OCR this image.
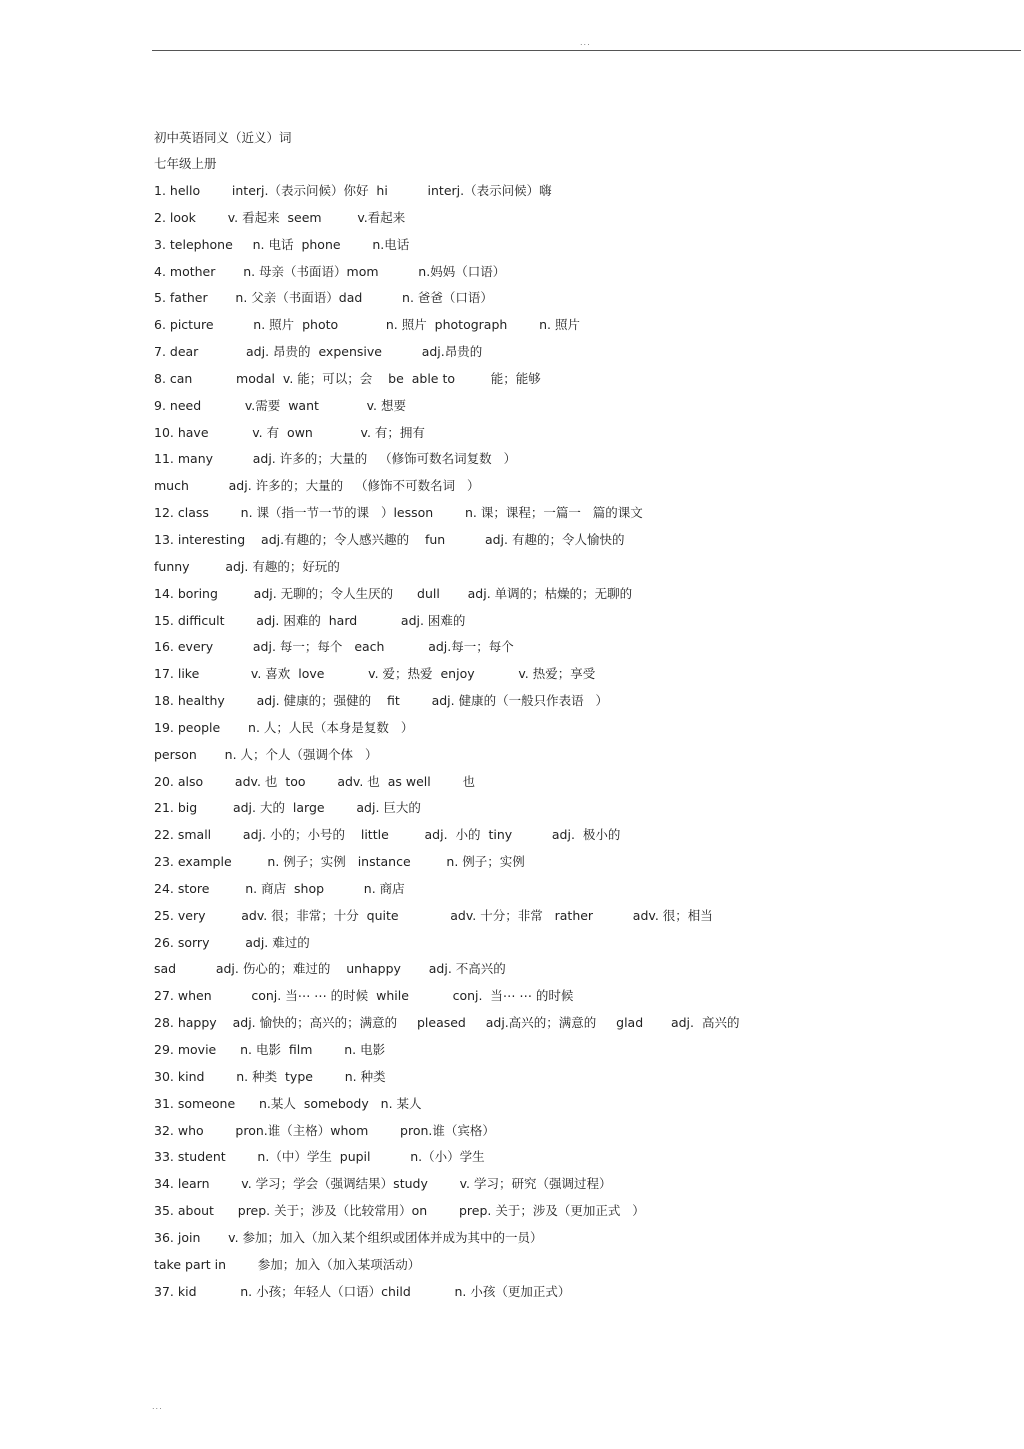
...
初中英语同义（近义）词
七年级上册
1. hello        interj.（表示问候）你好  hi          interj.（表示问候）嗨
2. look        v. 看起来  seem         v.看起来
3. telephone     n. 电话  phone        n.电话
4. mother       n. 母亲（书面语）mom          n.妈妈（口语）
5. father       n. 父亲（书面语）dad          n. 爸爸（口语）
6. picture          n. 照片  photo            n. 照片  photograph        n. 照片
7. dear            adj. 昂贵的  expensive          adj.昂贵的
8. can           modal  v. 能；可以；会    be  able to         能；能够
9. need           v.需要  want            v. 想要
10. have           v. 有  own            v. 有；拥有
11. many          adj. 许多的；大量的   （修饰可数名词复数   ）
much          adj. 许多的；大量的   （修饰不可数名词   ）
12. class        n. 课（指一节一节的课   ）lesson        n. 课；课程；一篇一   篇的课文
13. interesting    adj.有趣的；令人感兴趣的    fun          adj. 有趣的；令人愉快的
funny         adj. 有趣的；好玩的
14. boring         adj. 无聊的；令人生厌的      dull       adj. 单调的；枯燥的；无聊的
15. difficult        adj. 困难的  hard           adj. 困难的
16. every          adj. 每一；每个   each           adj.每一；每个
17. like             v. 喜欢  love           v. 爱；热爱  enjoy           v. 热爱；享受
18. healthy        adj. 健康的；强健的    fit        adj. 健康的（一般只作表语   ）
19. people       n. 人；人民（本身是复数   ）
person       n. 人；个人（强调个体   ）
20. also        adv. 也  too        adv. 也  as well        也
21. big         adj. 大的  large        adj. 巨大的
22. small        adj. 小的；小号的    little         adj.  小的  tiny          adj.  极小的
23. example         n. 例子；实例   instance         n. 例子；实例
24. store         n. 商店  shop          n. 商店
25. very         adv. 很；非常；十分  quite             adv. 十分；非常   rather          adv. 很；相当
26. sorry         adj. 难过的
sad          adj. 伤心的；难过的    unhappy       adj. 不高兴的
27. when          conj. 当⋯ ⋯ 的时候  while           conj.  当⋯ ⋯ 的时候
28. happy    adj. 愉快的；高兴的；满意的     pleased     adj.高兴的；满意的     glad       adj.  高兴的
29. movie      n. 电影  film        n. 电影
30. kind        n. 种类  type        n. 种类
31. someone      n.某人  somebody   n. 某人
32. who        pron.谁（主格）whom        pron.谁（宾格）
33. student        n.（中）学生  pupil          n.（小）学生
34. learn        v. 学习；学会（强调结果）study        v. 学习；研究（强调过程）
35. about      prep. 关于；涉及（比较常用）on        prep. 关于；涉及（更加正式   ）
36. join       v. 参加；加入（加入某个组织或团体并成为其中的一员）
take part in        参加；加入（加入某项活动）
37. kid           n. 小孩；年轻人（口语）child           n. 小孩（更加正式）
...
